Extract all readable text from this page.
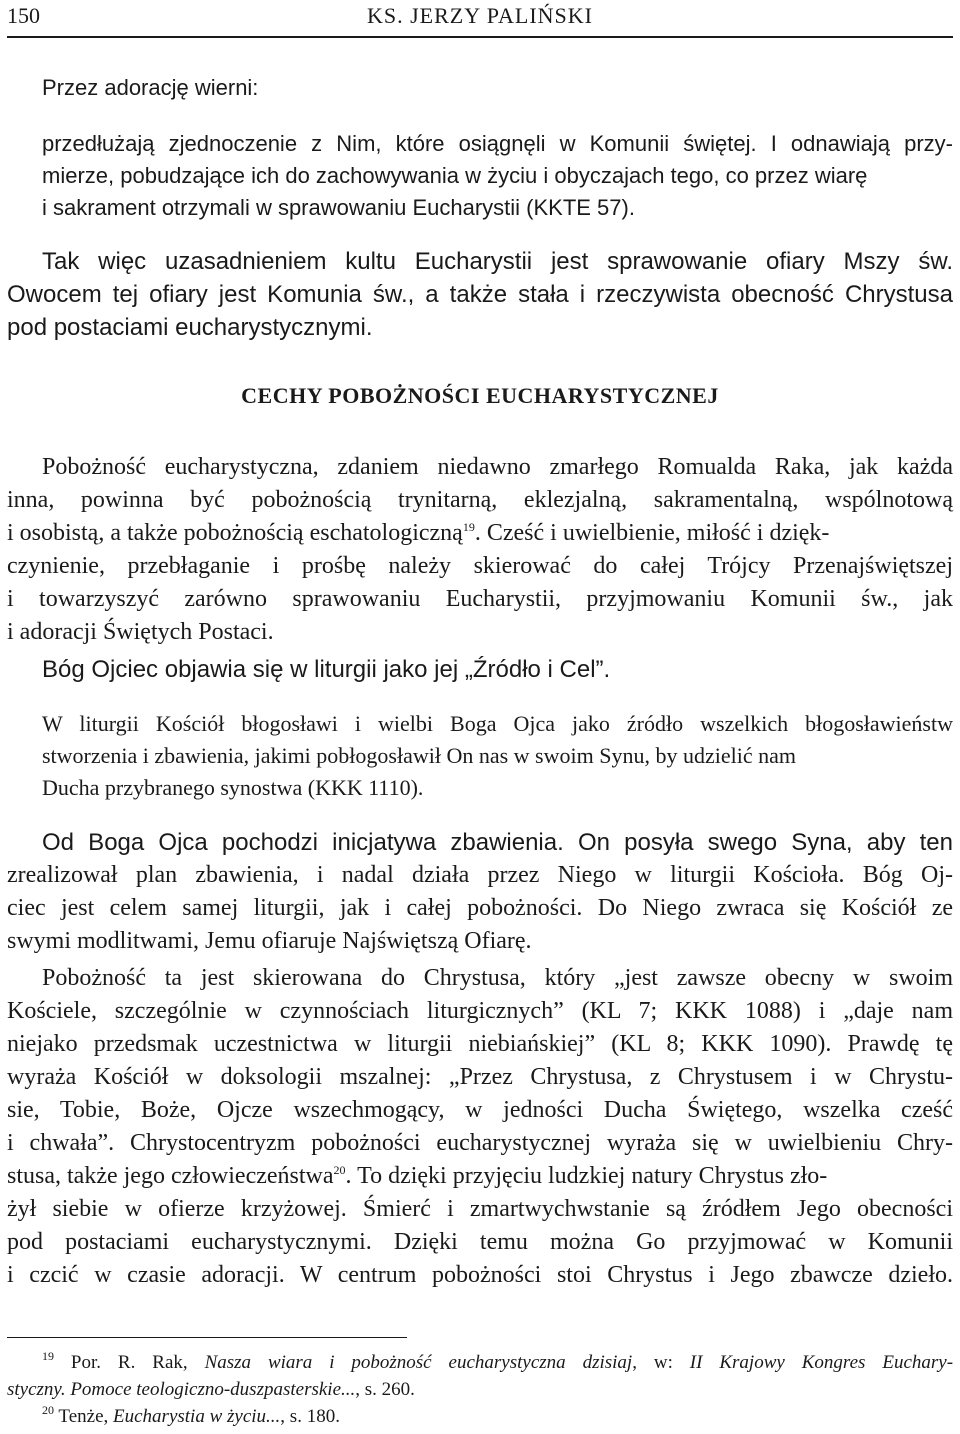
150	KS. JERZY PALIŃSKI
Przez adorację wierni:
przedłużają zjednoczenie z Nim, które osiągnęli w Komunii świętej. I odnawiają przy-
mierze, pobudzające ich do zachowywania w życiu i obyczajach tego, co przez wiarę
i sakrament otrzymali w sprawowaniu Eucharystii (KKTE 57).
Tak więc uzasadnieniem kultu Eucharystii jest sprawowanie ofiary Mszy św.
Owocem tej ofiary jest Komunia św., a także stała i rzeczywista obecność Chrystusa
pod postaciami eucharystycznymi.
CECHY POBOŻNOŚCI EUCHARYSTYCZNEJ
Pobożność eucharystyczna, zdaniem niedawno zmarłego Romualda Raka, jak każda
inna, powinna być pobożnością trynitarną, eklezjalną, sakramentalną, wspólnotową
i osobistą, a także pobożnością eschatologiczną$^{19}$. Cześć i uwielbienie, miłość i dzięk-
czynienie, przebłaganie i prośbę należy skierować do całej Trójcy Przenajświętszej
i towarzyszyć zarówno sprawowaniu Eucharystii, przyjmowaniu Komunii św., jak
i adoracji Świętych Postaci.
Bóg Ojciec objawia się w liturgii jako jej „Źródło i Cel”.
W liturgii Kościół błogosławi i wielbi Boga Ojca jako źródło wszelkich błogosławieństw
stworzenia i zbawienia, jakimi pobłogosławił On nas w swoim Synu, by udzielić nam
Ducha przybranego synostwa (KKK 1110).
Od Boga Ojca pochodzi inicjatywa zbawienia. On posyła swego Syna, aby ten
zrealizował plan zbawienia, i nadal działa przez Niego w liturgii Kościoła. Bóg Oj-
ciec jest celem samej liturgii, jak i całej pobożności. Do Niego zwraca się Kościół ze
swymi modlitwami, Jemu ofiaruje Najświętszą Ofiarę.
Pobożność ta jest skierowana do Chrystusa, który „jest zawsze obecny w swoim
Kościele, szczególnie w czynnościach liturgicznych” (KL 7; KKK 1088) i „daje nam
niejako przedsmak uczestnictwa w liturgii niebiańskiej” (KL 8; KKK 1090). Prawdę tę
wyraża Kościół w doksologii mszalnej: „Przez Chrystusa, z Chrystusem i w Chrystu-
sie, Tobie, Boże, Ojcze wszechmogący, w jedności Ducha Świętego, wszelka cześć
i chwała”. Chrystocentryzm pobożności eucharystycznej wyraża się w uwielbieniu Chry-
stusa, także jego człowieczeństwa$^{20}$. To dzięki przyjęciu ludzkiej natury Chrystus zło-
żył siebie w ofierze krzyżowej. Śmierć i zmartwychwstanie są źródłem Jego obecności
pod postaciami eucharystycznymi. Dzięki temu można Go przyjmować w Komunii
i czcić w czasie adoracji. W centrum pobożności stoi Chrystus i Jego zbawcze dzieło.
$^{19}$ Por. R. Rak, Nasza wiara i pobożność eucharystyczna dzisiaj, w: II Krajowy Kongres Euchary-
styczny. Pomoce teologiczno-duszpasterskie..., s. 260.
$^{20}$ Tenże, Eucharystia w życiu..., s. 180.
